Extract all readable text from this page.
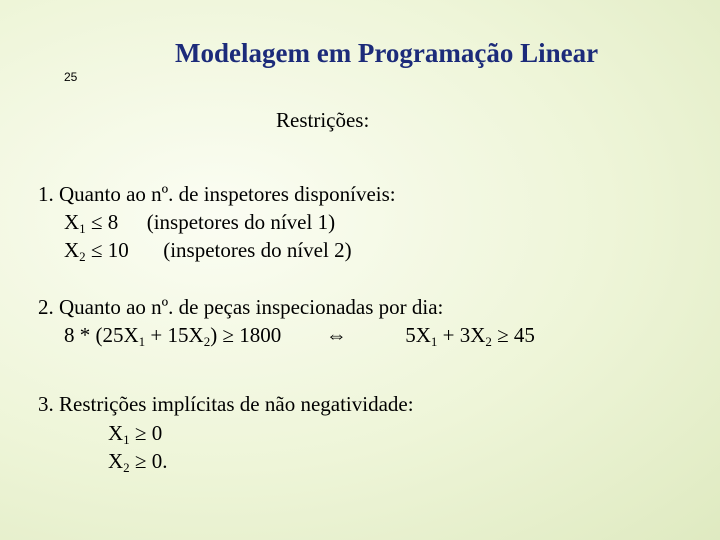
25
Modelagem em Programação Linear
Restrições:
1. Quanto ao nº. de inspetores disponíveis:
$X_1 \le 8$ (inspetores do nível 1)
$X_2 \le 10$ (inspetores do nível 2)
2. Quanto ao nº. de peças inspecionadas por dia:
$8 * (25X_1 + 15X_2) \ge 1800$ ⇔	$5X_1 + 3X_2 \ge 45$
3. Restrições implícitas de não negatividade:
$X_1 \ge 0$
$X_2 \ge 0$.
